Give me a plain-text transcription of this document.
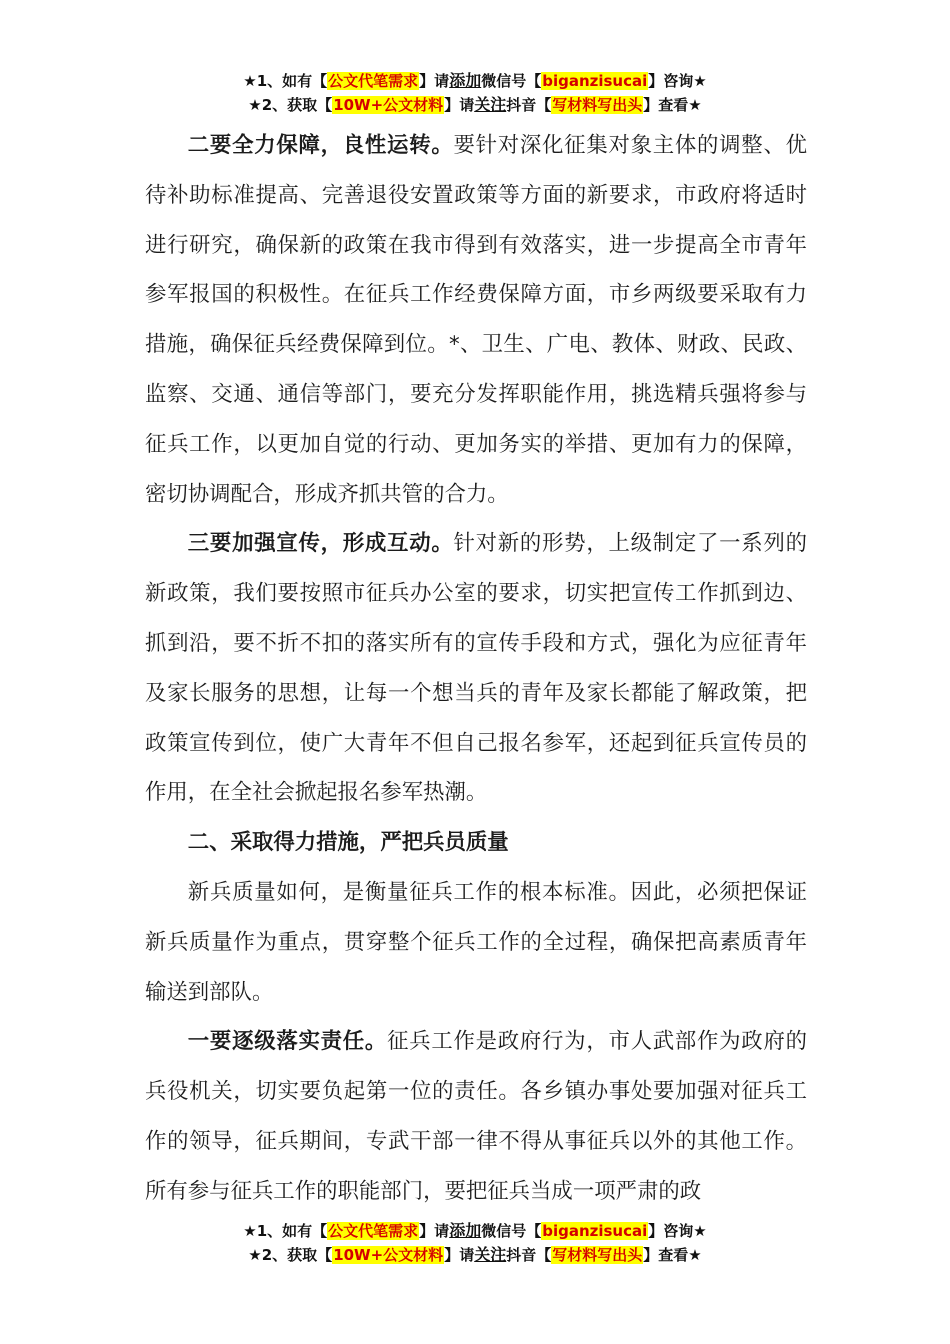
★1、如有【公文代笔需求】请添加微信号【biganzisucai】咨询★
★2、获取【10W+公文材料】请关注抖音【写材料写出头】查看★

二要全力保障，良性运转。要针对深化征集对象主体的调整、优待补助标准提高、完善退役安置政策等方面的新要求，市政府将适时进行研究，确保新的政策在我市得到有效落实，进一步提高全市青年参军报国的积极性。在征兵工作经费保障方面，市乡两级要采取有力措施，确保征兵经费保障到位。*、卫生、广电、教体、财政、民政、监察、交通、通信等部门，要充分发挥职能作用，挑选精兵强将参与征兵工作，以更加自觉的行动、更加务实的举措、更加有力的保障，密切协调配合，形成齐抓共管的合力。

三要加强宣传，形成互动。针对新的形势，上级制定了一系列的新政策，我们要按照市征兵办公室的要求，切实把宣传工作抓到边、抓到沿，要不折不扣的落实所有的宣传手段和方式，强化为应征青年及家长服务的思想，让每一个想当兵的青年及家长都能了解政策，把政策宣传到位，使广大青年不但自己报名参军，还起到征兵宣传员的作用，在全社会掀起报名参军热潮。

二、采取得力措施，严把兵员质量

新兵质量如何，是衡量征兵工作的根本标准。因此，必须把保证新兵质量作为重点，贯穿整个征兵工作的全过程，确保把高素质青年输送到部队。

一要逐级落实责任。征兵工作是政府行为，市人武部作为政府的兵役机关，切实要负起第一位的责任。各乡镇办事处要加强对征兵工作的领导，征兵期间，专武干部一律不得从事征兵以外的其他工作。所有参与征兵工作的职能部门，要把征兵当成一项严肃的政

★1、如有【公文代笔需求】请添加微信号【biganzisucai】咨询★
★2、获取【10W+公文材料】请关注抖音【写材料写出头】查看★
